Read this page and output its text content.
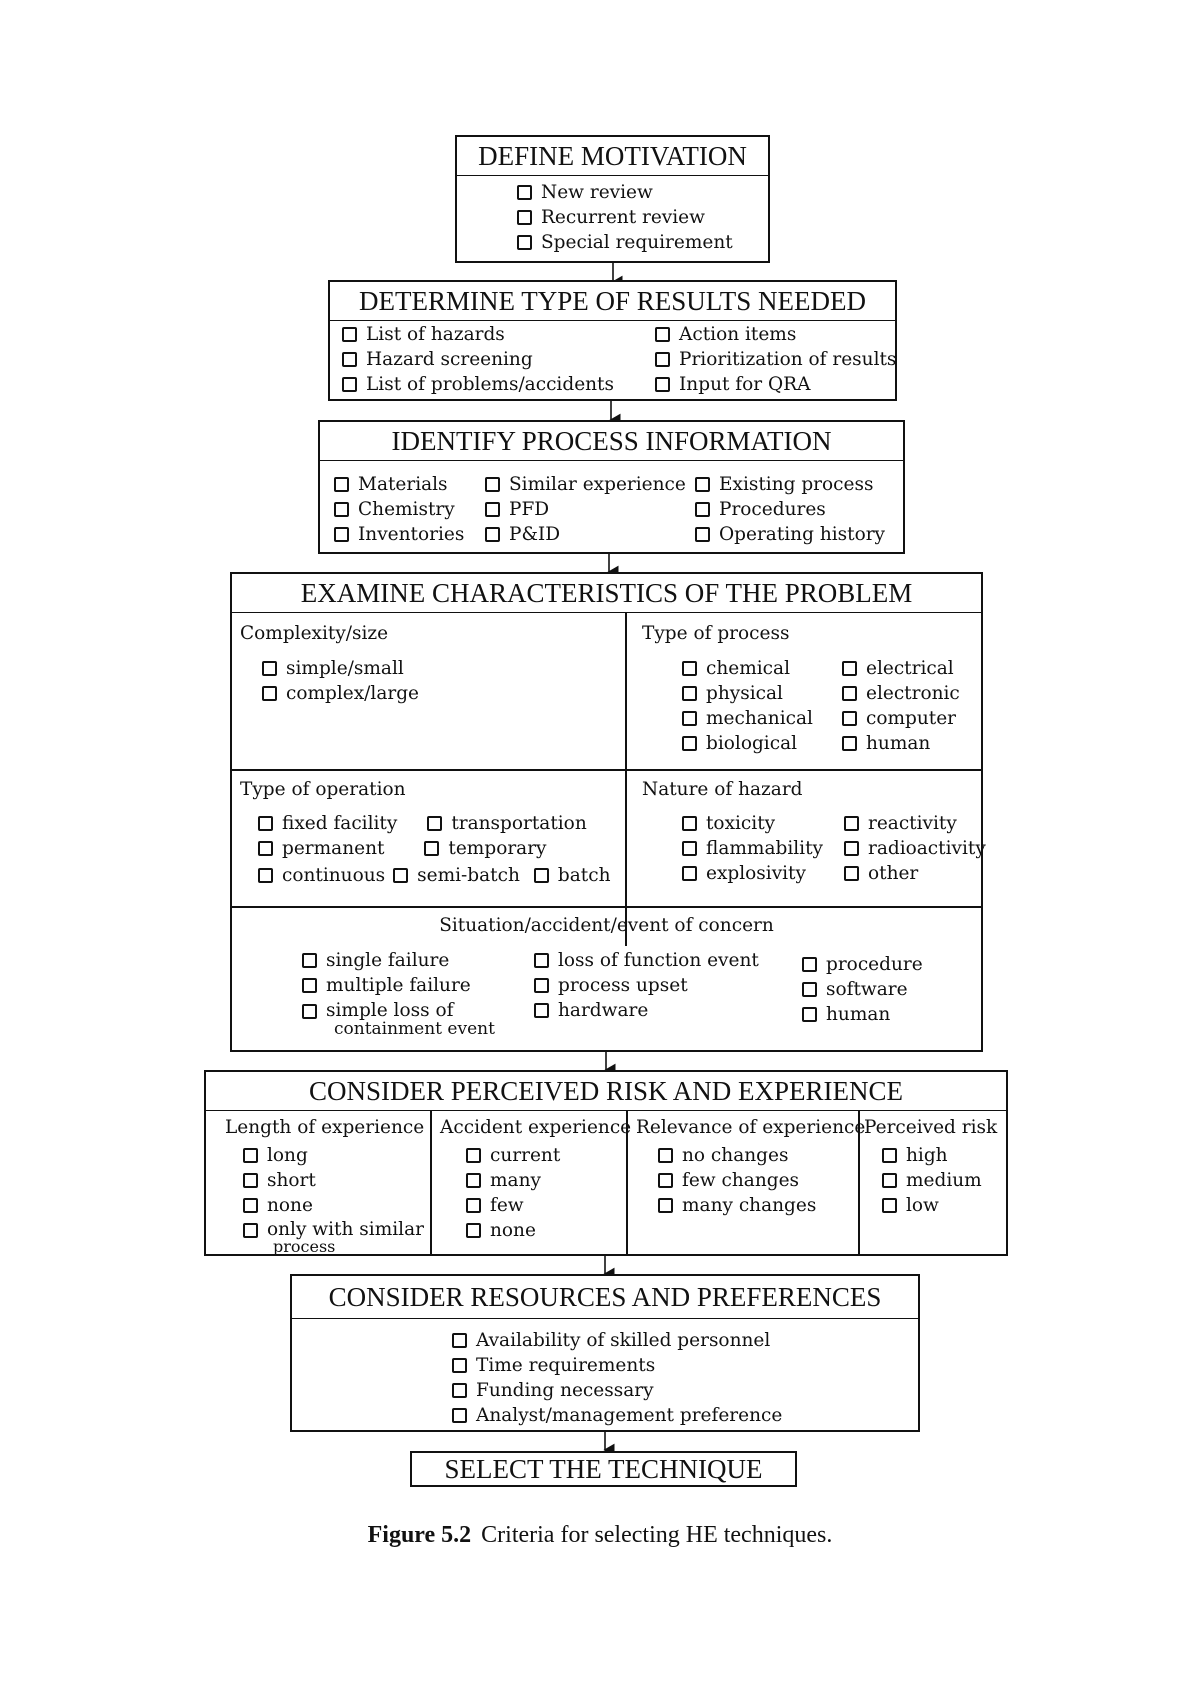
DEFINE MOTIVATION
New review
Recurrent review
Special requirement
DETERMINE TYPE OF RESULTS NEEDED
List of hazards
Hazard screening
List of problems/accidents
Action items
Prioritization of results
Input for QRA
IDENTIFY PROCESS INFORMATION
Materials
Chemistry
Inventories
Similar experience
PFD
P&ID
Existing process
Procedures
Operating history
EXAMINE CHARACTERISTICS OF THE PROBLEM
Complexity/size
simple/small
complex/large
Type of process
chemical
physical
mechanical
biological
electrical
electronic
computer
human
Type of operation
fixed facility	transportation
permanent	temporary
continuous semi-batch batch
Nature of hazard
toxicity
flammability
explosivity
reactivity
radioactivity
other
Situation/accident/event of concern
single failure
multiple failure
simple loss of
containment event
loss of function event
process upset
hardware
procedure
software
human
CONSIDER PERCEIVED RISK AND EXPERIENCE
Length of experience
long
short
none
only with similar
process
Accident experience
current
many
few
none
Relevance of experience
no changes
few changes
many changes
Perceived risk
high
medium
low
CONSIDER RESOURCES AND PREFERENCES
Availability of skilled personnel
Time requirements
Funding necessary
Analyst/management preference
SELECT THE TECHNIQUE
Figure 5.2 Criteria for selecting HE techniques.
